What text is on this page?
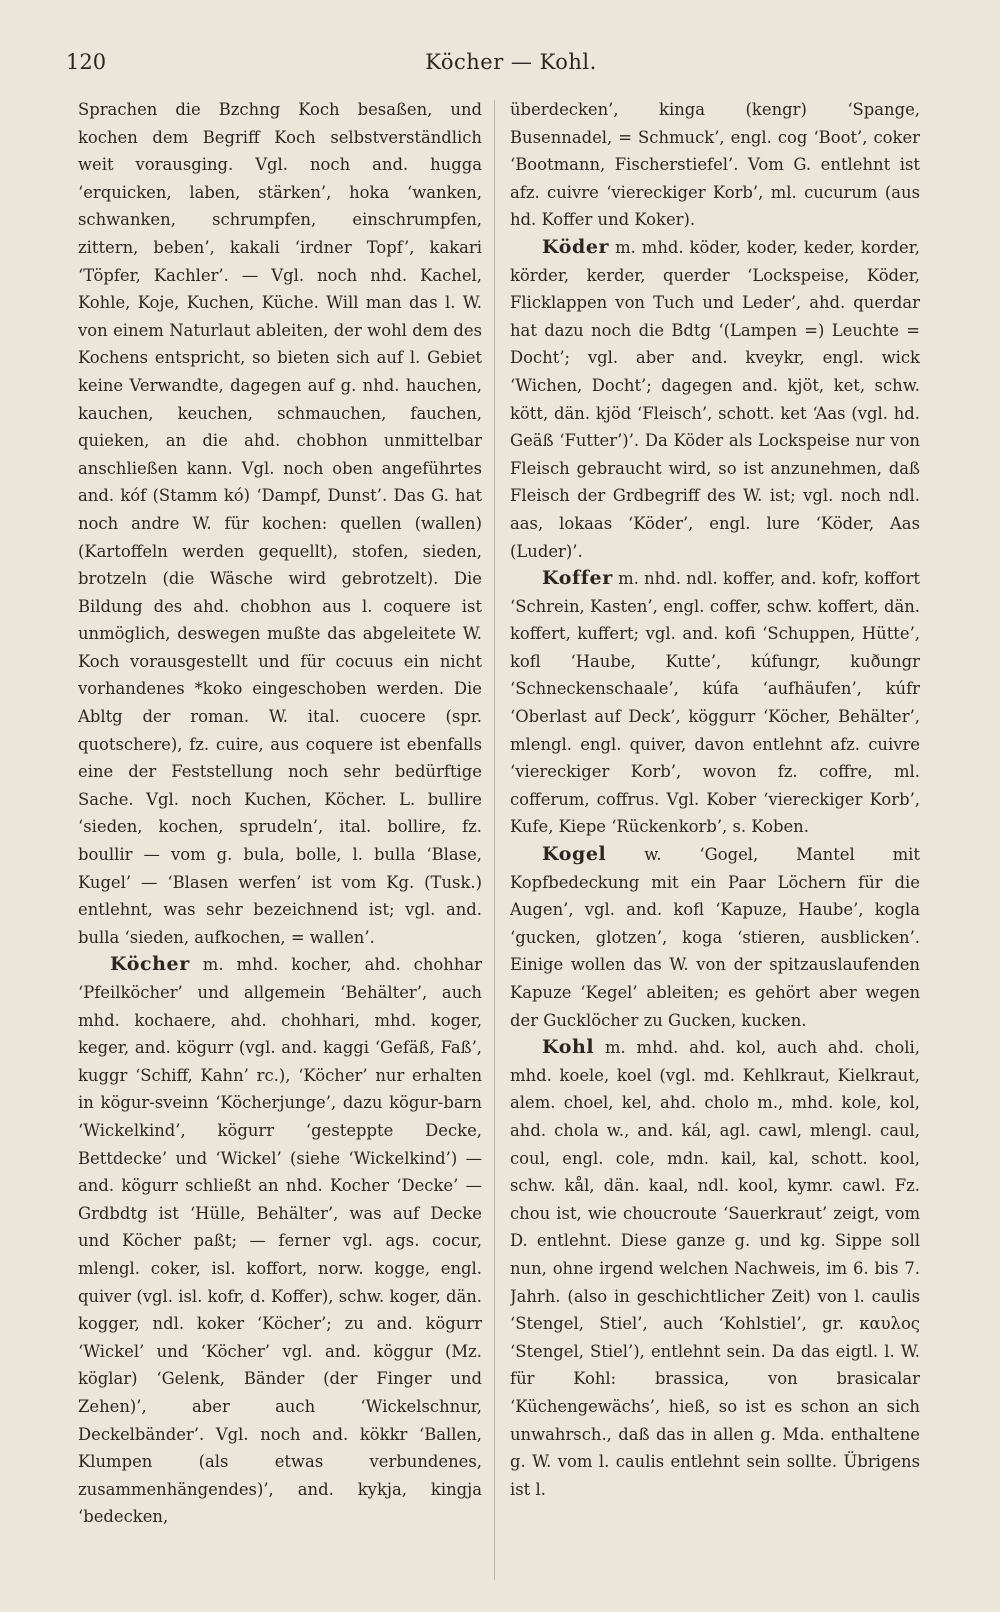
120	Köcher — Kohl.

Sprachen die Bzchng Koch besaßen, und kochen dem Begriff Koch selbstverständlich weit vorausging. Vgl. noch and. hugga ‘erquicken, laben, stärken’, hoka ‘wanken, schwanken, schrumpfen, einschrumpfen, zittern, beben’, kakali ‘irdner Topf’, kakari ‘Töpfer, Kachler’. — Vgl. noch nhd. Kachel, Kohle, Koje, Kuchen, Küche. Will man das l. W. von einem Naturlaut ableiten, der wohl dem des Kochens entspricht, so bieten sich auf l. Gebiet keine Verwandte, dagegen auf g. nhd. hauchen, kauchen, keuchen, schmauchen, fauchen, quieken, an die ahd. chobhon unmittelbar anschließen kann. Vgl. noch oben angeführtes and. kóf (Stamm kó) ‘Dampf, Dunst’. Das G. hat noch andre W. für kochen: quellen (wallen) (Kartoffeln werden gequellt), stofen, sieden, brotzeln (die Wäsche wird gebrotzelt). Die Bildung des ahd. chobhon aus l. coquere ist unmöglich, deswegen mußte das abgeleitete W. Koch vorausgestellt und für cocuus ein nicht vorhandenes *koko eingeschoben werden. Die Abltg der roman. W. ital. cuocere (spr. quotschere), fz. cuire, aus coquere ist ebenfalls eine der Feststellung noch sehr bedürftige Sache. Vgl. noch Kuchen, Köcher. L. bullire ‘sieden, kochen, sprudeln’, ital. bollire, fz. boullir — vom g. bula, bolle, l. bulla ‘Blase, Kugel’ — ‘Blasen werfen’ ist vom Kg. (Tusk.) entlehnt, was sehr bezeichnend ist; vgl. and. bulla ‘sieden, aufkochen, = wallen’.

Köcher m. mhd. kocher, ahd. chohhar ‘Pfeilköcher’ und allgemein ‘Behälter’, auch mhd. kochaere, ahd. chohhari, mhd. koger, keger, and. kögurr (vgl. and. kaggi ‘Gefäß, Faß’, kuggr ‘Schiff, Kahn’ rc.), ‘Köcher’ nur erhalten in kögur-sveinn ‘Köcherjunge’, dazu kögur-barn ‘Wickelkind’, kögurr ‘gesteppte Decke, Bettdecke’ und ‘Wickel’ (siehe ‘Wickelkind’) — and. kögurr schließt an nhd. Kocher ‘Decke’ — Grdbdtg ist ‘Hülle, Behälter’, was auf Decke und Köcher paßt; — ferner vgl. ags. cocur, mlengl. coker, isl. koffort, norw. kogge, engl. quiver (vgl. isl. kofr, d. Koffer), schw. koger, dän. kogger, ndl. koker ‘Köcher’; zu and. kögurr ‘Wickel’ und ‘Köcher’ vgl. and. köggur (Mz. köglar) ‘Gelenk, Bänder (der Finger und Zehen)’, aber auch ‘Wickelschnur, Deckelbänder’. Vgl. noch and. kökkr ‘Ballen, Klumpen (als etwas verbundenes, zusammenhängendes)’, and. kykja, kingja ‘bedecken,

überdecken’, kinga (kengr) ‘Spange, Busennadel, = Schmuck’, engl. cog ‘Boot’, coker ‘Bootmann, Fischerstiefel’. Vom G. entlehnt ist afz. cuivre ‘viereckiger Korb’, ml. cucurum (aus hd. Koffer und Koker).

Köder m. mhd. köder, koder, keder, korder, körder, kerder, querder ‘Lockspeise, Köder, Flicklappen von Tuch und Leder’, ahd. querdar hat dazu noch die Bdtg ‘(Lampen =) Leuchte = Docht’; vgl. aber and. kveykr, engl. wick ‘Wichen, Docht’; dagegen and. kjöt, ket, schw. kött, dän. kjöd ‘Fleisch’, schott. ket ‘Aas (vgl. hd. Geäß ‘Futter’)’. Da Köder als Lockspeise nur von Fleisch gebraucht wird, so ist anzunehmen, daß Fleisch der Grdbegriff des W. ist; vgl. noch ndl. aas, lokaas ‘Köder’, engl. lure ‘Köder, Aas (Luder)’.

Koffer m. nhd. ndl. koffer, and. kofr, koffort ‘Schrein, Kasten’, engl. coffer, schw. koffert, dän. koffert, kuffert; vgl. and. kofi ‘Schuppen, Hütte’, kofl ‘Haube, Kutte’, kúfungr, kuðungr ‘Schneckenschaale’, kúfa ‘aufhäufen’, kúfr ‘Oberlast auf Deck’, köggurr ‘Köcher, Behälter’, mlengl. engl. quiver, davon entlehnt afz. cuivre ‘viereckiger Korb’, wovon fz. coffre, ml. cofferum, coffrus. Vgl. Kober ‘viereckiger Korb’, Kufe, Kiepe ‘Rückenkorb’, s. Koben.

Kogel w. ‘Gogel, Mantel mit Kopfbedeckung mit ein Paar Löchern für die Augen’, vgl. and. kofl ‘Kapuze, Haube’, kogla ‘gucken, glotzen’, koga ‘stieren, ausblicken’. Einige wollen das W. von der spitzauslaufenden Kapuze ‘Kegel’ ableiten; es gehört aber wegen der Gucklöcher zu Gucken, kucken.

Kohl m. mhd. ahd. kol, auch ahd. choli, mhd. koele, koel (vgl. md. Kehlkraut, Kielkraut, alem. choel, kel, ahd. cholo m., mhd. kole, kol, ahd. chola w., and. kál, agl. cawl, mlengl. caul, coul, engl. cole, mdn. kail, kal, schott. kool, schw. kål, dän. kaal, ndl. kool, kymr. cawl. Fz. chou ist, wie choucroute ‘Sauerkraut’ zeigt, vom D. entlehnt. Diese ganze g. und kg. Sippe soll nun, ohne irgend welchen Nachweis, im 6. bis 7. Jahrh. (also in geschichtlicher Zeit) von l. caulis ‘Stengel, Stiel’, auch ‘Kohlstiel’, gr. καυλος ‘Stengel, Stiel’), entlehnt sein. Da das eigtl. l. W. für Kohl: brassica, von brasicalar ‘Küchengewächs’, hieß, so ist es schon an sich unwahrsch., daß das in allen g. Mda. enthaltene g. W. vom l. caulis entlehnt sein sollte. Übrigens ist l.
